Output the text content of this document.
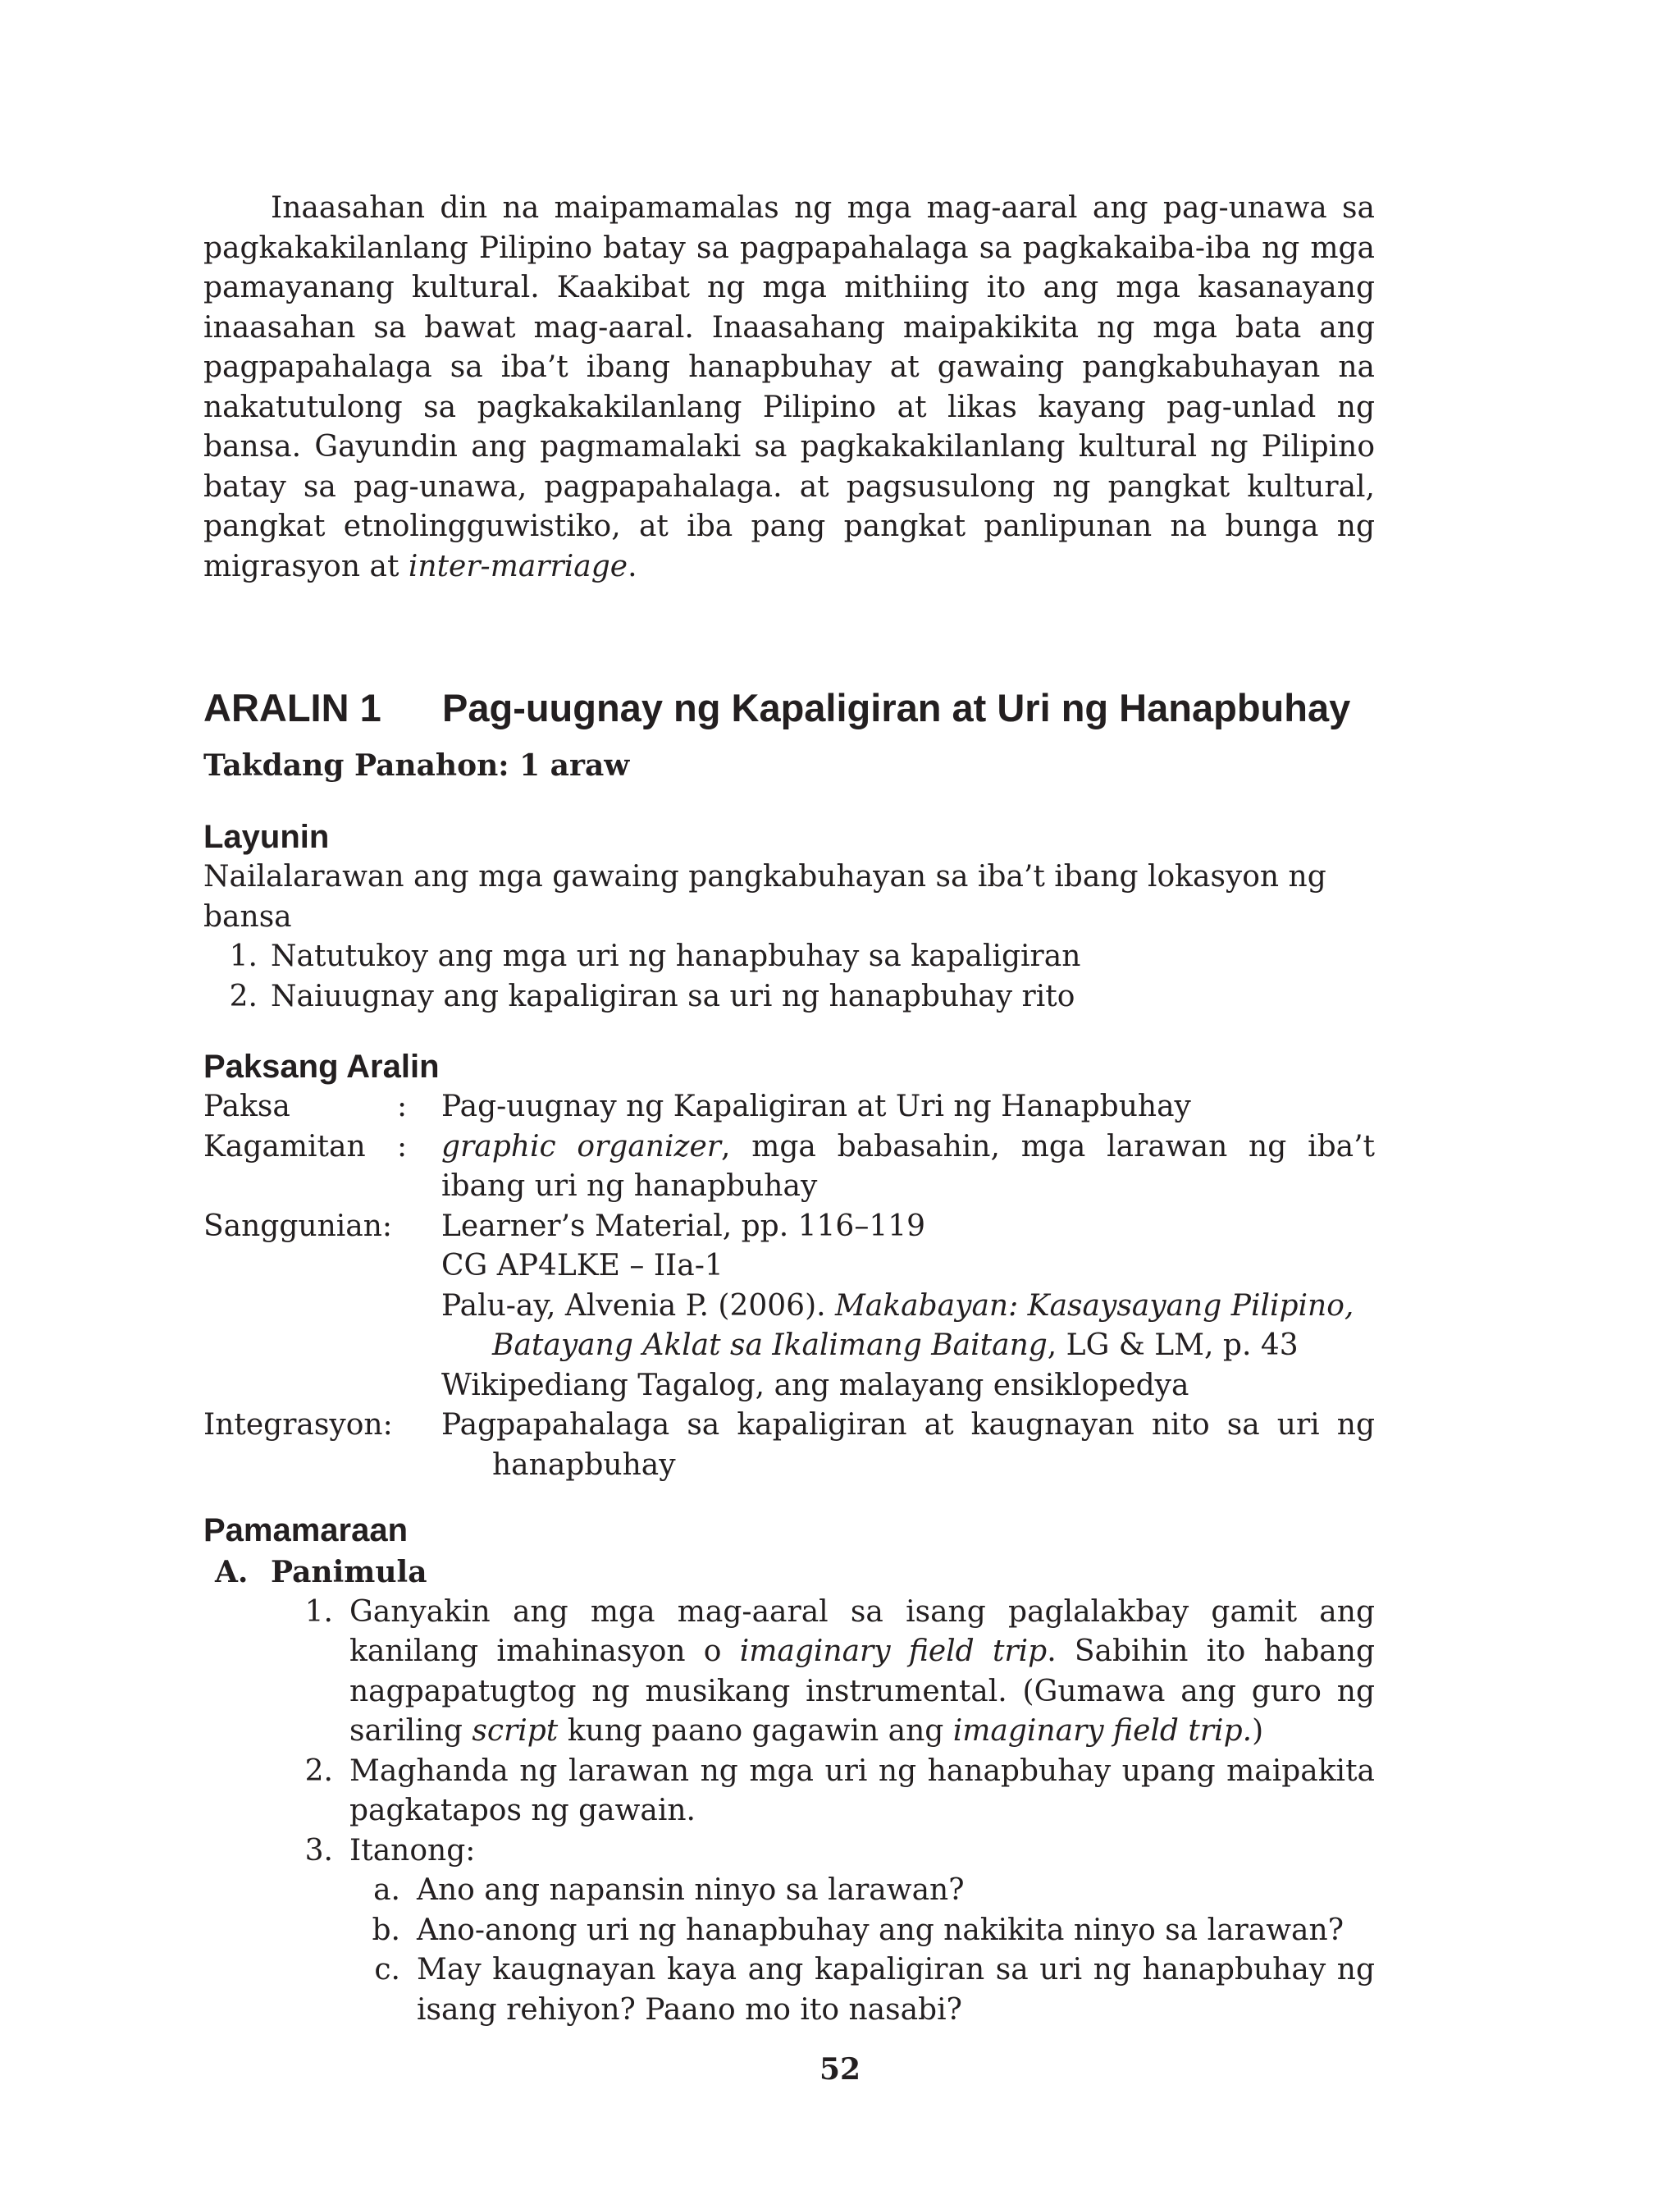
Inaasahan din na maipamamalas ng mga mag-aaral ang pag-unawa sa pagkakakilanlang Pilipino batay sa pagpapahalaga sa pagkakaiba-iba ng mga pamayanang kultural. Kaakibat ng mga mithiing ito ang mga kasanayang inaasahan sa bawat mag-aaral. Inaasahang maipakikita ng mga bata ang pagpapahalaga sa iba’t ibang hanapbuhay at gawaing pangkabuhayan na nakatutulong sa pagkakakilanlang Pilipino at likas kayang pag-unlad ng bansa. Gayundin ang pagmamalaki sa pagkakakilanlang kultural ng Pilipino batay sa pag-unawa, pagpapahalaga. at pagsusulong ng pangkat kultural, pangkat etnolingguwistiko, at iba pang pangkat panlipunan na bunga ng migrasyon at inter-marriage.

ARALIN 1 Pag-uugnay ng Kapaligiran at Uri ng Hanapbuhay
Takdang Panahon: 1 araw
Layunin

Nailalarawan ang mga gawaing pangkabuhayan sa iba’t ibang lokasyon ng bansa

1. Natutukoy ang mga uri ng hanapbuhay sa kapaligiran
2. Naiuugnay ang kapaligiran sa uri ng hanapbuhay rito
Paksang Aralin
Paksa	:	Pag-uugnay ng Kapaligiran at Uri ng Hanapbuhay
Kagamitan :	graphic organizer, mga babasahin, mga larawan ng iba’t ibang uri ng hanapbuhay
Sanggunian:	Learner’s Material, pp. 116–119
CG AP4LKE – IIa-1
Palu-ay, Alvenia P. (2006). Makabayan: Kasaysayang Pilipino,
Batayang Aklat sa Ikalimang Baitang, LG & LM, p. 43
Wikipediang Tagalog, ang malayang ensiklopedya
Integrasyon:	Pagpapahalaga sa kapaligiran at kaugnayan nito sa uri ng
hanapbuhay
Pamamaraan
A. Panimula
1. Ganyakin ang mga mag-aaral sa isang paglalakbay gamit ang kanilang imahinasyon o imaginary field trip. Sabihin ito habang nagpapatugtog ng musikang instrumental. (Gumawa ang guro ng sariling script kung paano gagawin ang imaginary field trip.)
2. Maghanda ng larawan ng mga uri ng hanapbuhay upang maipakita pagkatapos ng gawain.
3. Itanong:
a. Ano ang napansin ninyo sa larawan?
b. Ano-anong uri ng hanapbuhay ang nakikita ninyo sa larawan?
c. May kaugnayan kaya ang kapaligiran sa uri ng hanapbuhay ng isang rehiyon? Paano mo ito nasabi?
52
